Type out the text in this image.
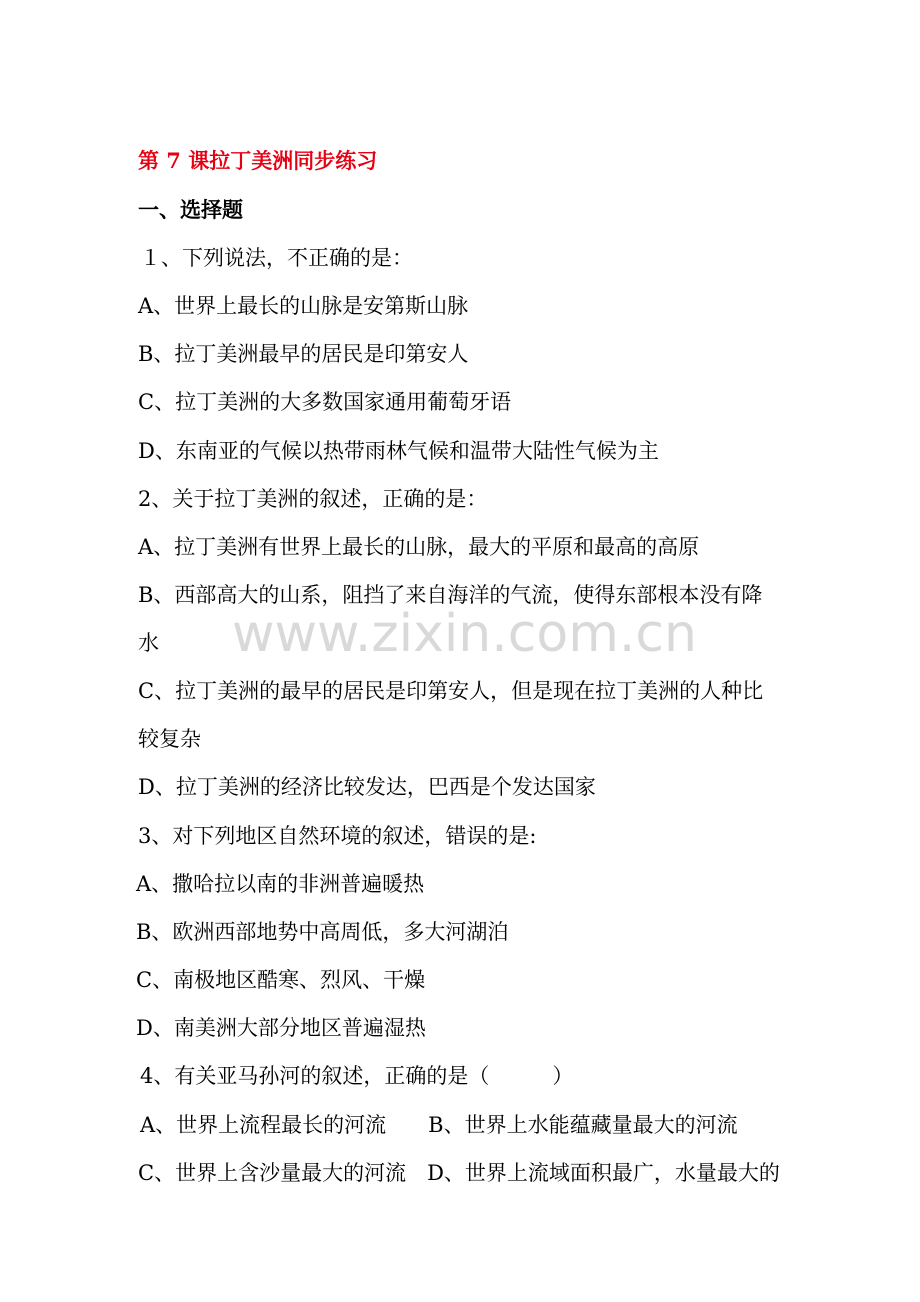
第 7 课拉丁美洲同步练习
一、选择题
１、下列说法，不正确的是：
A、世界上最长的山脉是安第斯山脉
B、拉丁美洲最早的居民是印第安人
C、拉丁美洲的大多数国家通用葡萄牙语
D、东南亚的气候以热带雨林气候和温带大陆性气候为主
2、关于拉丁美洲的叙述，正确的是：
A、拉丁美洲有世界上最长的山脉，最大的平原和最高的高原
B、西部高大的山系，阻挡了来自海洋的气流，使得东部根本没有降
水
C、拉丁美洲的最早的居民是印第安人，但是现在拉丁美洲的人种比
较复杂
D、拉丁美洲的经济比较发达，巴西是个发达国家
3、对下列地区自然环境的叙述，错误的是:
A、撒哈拉以南的非洲普遍暖热
B、欧洲西部地势中高周低，多大河湖泊
C、南极地区酷寒、烈风、干燥
D、南美洲大部分地区普遍湿热
4、有关亚马孙河的叙述，正确的是（　　　）
A、世界上流程最长的河流　　B、世界上水能蕴藏量最大的河流
C、世界上含沙量最大的河流　D、世界上流域面积最广，水量最大的
www.zixin.com.cn
